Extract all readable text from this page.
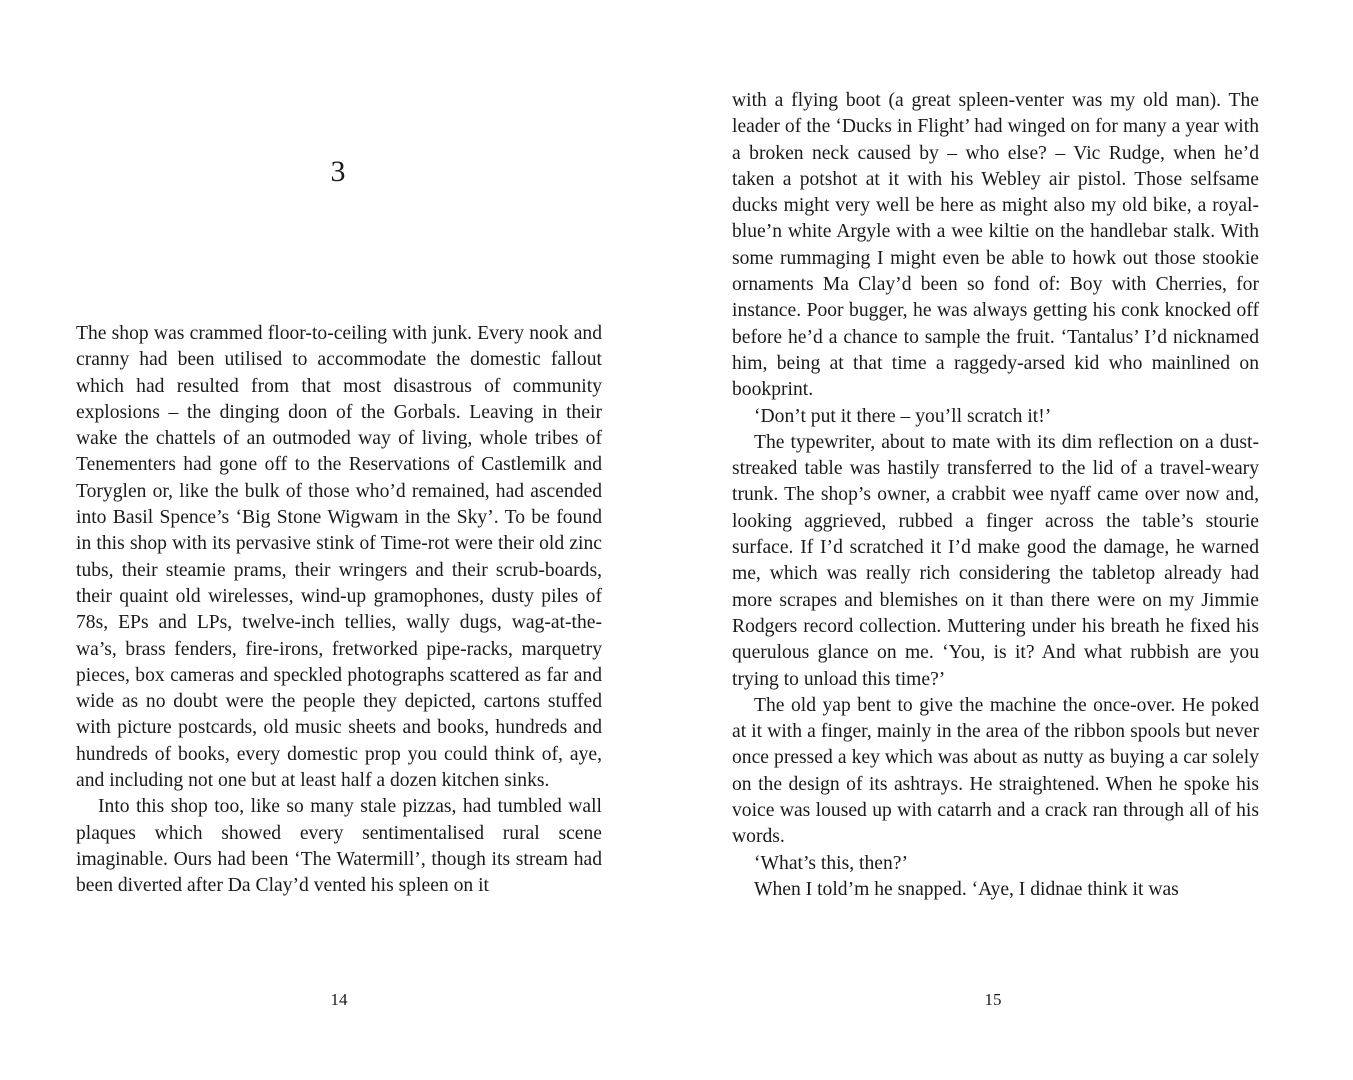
3

The shop was crammed floor-to-ceiling with junk. Every nook and cranny had been utilised to accommodate the domestic fallout which had resulted from that most disastrous of community explosions – the dinging doon of the Gorbals. Leaving in their wake the chattels of an outmoded way of living, whole tribes of Tenementers had gone off to the Reservations of Castlemilk and Toryglen or, like the bulk of those who’d remained, had ascended into Basil Spence’s ‘Big Stone Wigwam in the Sky’. To be found in this shop with its pervasive stink of Time-rot were their old zinc tubs, their steamie prams, their wringers and their scrub-boards, their quaint old wirelesses, wind-up gramophones, dusty piles of 78s, EPs and LPs, twelve-inch tellies, wally dugs, wag-at-the-wa’s, brass fenders, fire-irons, fretworked pipe-racks, marquetry pieces, box cameras and speckled photographs scattered as far and wide as no doubt were the people they depicted, cartons stuffed with picture postcards, old music sheets and books, hundreds and hundreds of books, every domestic prop you could think of, aye, and including not one but at least half a dozen kitchen sinks.

Into this shop too, like so many stale pizzas, had tumbled wall plaques which showed every sentimentalised rural scene imaginable. Ours had been ‘The Watermill’, though its stream had been diverted after Da Clay’d vented his spleen on it

14

with a flying boot (a great spleen-venter was my old man). The leader of the ‘Ducks in Flight’ had winged on for many a year with a broken neck caused by – who else? – Vic Rudge, when he’d taken a potshot at it with his Webley air pistol. Those selfsame ducks might very well be here as might also my old bike, a royal-blue’n white Argyle with a wee kiltie on the handlebar stalk. With some rummaging I might even be able to howk out those stookie ornaments Ma Clay’d been so fond of: Boy with Cherries, for instance. Poor bugger, he was always getting his conk knocked off before he’d a chance to sample the fruit. ‘Tantalus’ I’d nicknamed him, being at that time a raggedy-arsed kid who mainlined on bookprint.

‘Don’t put it there – you’ll scratch it!’

The typewriter, about to mate with its dim reflection on a dust-streaked table was hastily transferred to the lid of a travel-weary trunk. The shop’s owner, a crabbit wee nyaff came over now and, looking aggrieved, rubbed a finger across the table’s stourie surface. If I’d scratched it I’d make good the damage, he warned me, which was really rich considering the tabletop already had more scrapes and blemishes on it than there were on my Jimmie Rodgers record collection. Muttering under his breath he fixed his querulous glance on me. ‘You, is it? And what rubbish are you trying to unload this time?’

The old yap bent to give the machine the once-over. He poked at it with a finger, mainly in the area of the ribbon spools but never once pressed a key which was about as nutty as buying a car solely on the design of its ashtrays. He straightened. When he spoke his voice was loused up with catarrh and a crack ran through all of his words.

‘What’s this, then?’

When I told’m he snapped. ‘Aye, I didnae think it was

15
